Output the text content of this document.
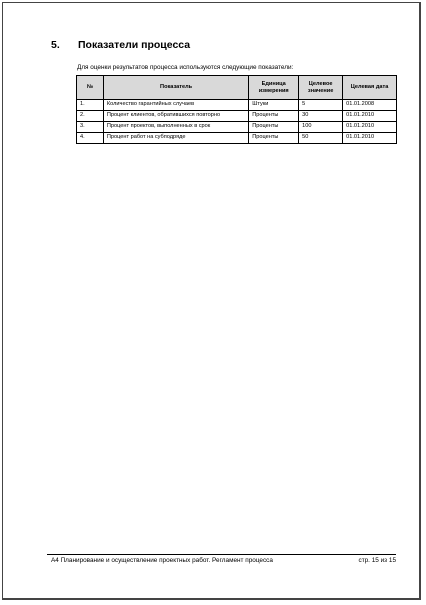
5. Показатели процесса
Для оценки результатов процесса используются следующие показатели:
№	Показатель	Единица измерения	Целевое значение	Целевая дата
1.	Количество гарантийных случаев	Штуки	5	01.01.2008
2.	Процент клиентов, обратившихся повторно	Проценты	30	01.01.2010
3.	Процент проектов, выполненных в срок	Проценты	100	01.01.2010
4.	Процент работ на субподряде	Проценты	50	01.01.2010
А4 Планирование и осуществление проектных работ. Регламент процесса	стр. 15 из 15
